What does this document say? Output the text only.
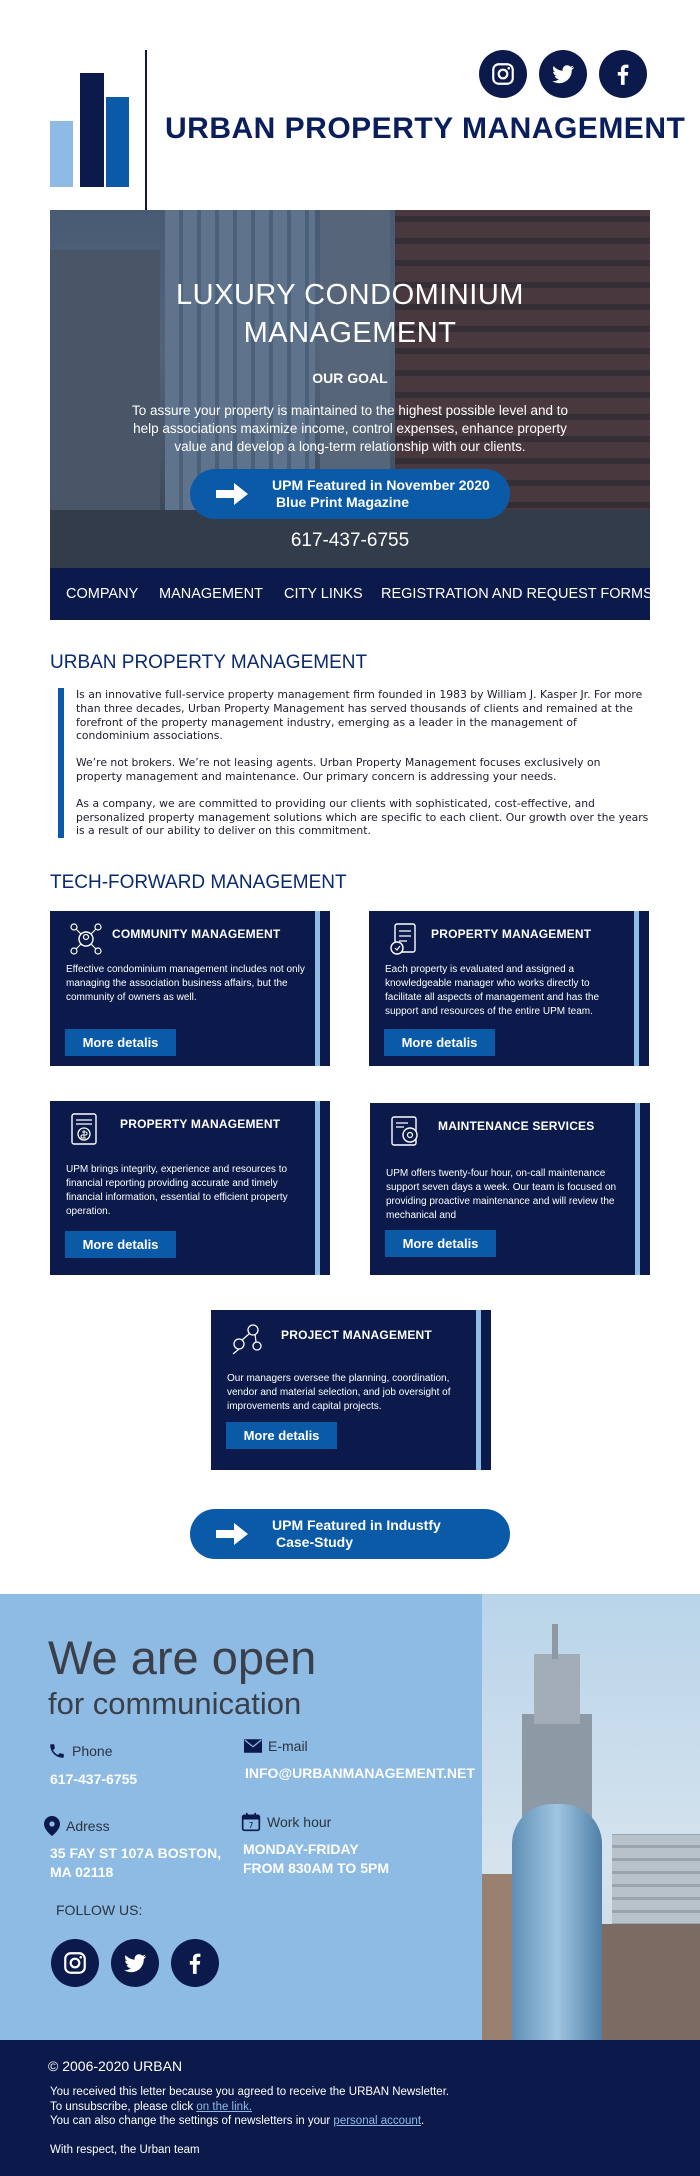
URBAN PROPERTY MANAGEMENT
LUXURY CONDOMINIUM
MANAGEMENT
OUR GOAL
To assure your property is maintained to the highest possible level and to help associations maximize income, control expenses, enhance property value and develop a long-term relationship with our clients.
UPM Featured in November 2020
Blue Print Magazine
617-437-6755
COMPANY MANAGEMENT CITY LINKS REGISTRATION AND REQUEST FORMS
URBAN PROPERTY MANAGEMENT

Is an innovative full-service property management firm founded in 1983 by William J. Kasper Jr. For more than three decades, Urban Property Management has served thousands of clients and remained at the forefront of the property management industry, emerging as a leader in the management of condominium associations.

We’re not brokers. We’re not leasing agents. Urban Property Management focuses exclusively on property management and maintenance. Our primary concern is addressing your needs.

As a company, we are committed to providing our clients with sophisticated, cost-effective, and personalized property management solutions which are specific to each client. Our growth over the years is a result of our ability to deliver on this commitment.

TECH-FORWARD MANAGEMENT
COMMUNITY MANAGEMENT
Effective condominium management includes not only managing the association business affairs, but the community of owners as well.
More detalis
PROPERTY MANAGEMENT
Each property is evaluated and assigned a knowledgeable manager who works directly to facilitate all aspects of management and has the support and resources of the entire UPM team.
More detalis
PROPERTY MANAGEMENT
UPM brings integrity, experience and resources to financial reporting providing accurate and timely financial information, essential to efficient property operation.
More detalis
MAINTENANCE SERVICES
UPM offers twenty-four hour, on-call maintenance support seven days a week. Our team is focused on providing proactive maintenance and will review the mechanical and
More detalis
PROJECT MANAGEMENT
Our managers oversee the planning, coordination, vendor and material selection, and job oversight of improvements and capital projects.
More detalis
UPM Featured in Industfy
Case-Study
We are open
for communication
Phone
617-437-6755
E-mail
INFO@URBANMANAGEMENT.NET
Adress
35 FAY ST 107A BOSTON,
MA 02118
7 Work hour
MONDAY-FRIDAY
FROM 830AM TO 5PM
FOLLOW US:
© 2006-2020 URBAN
You received this letter because you agreed to receive the URBAN Newsletter.
To unsubscribe, please click on the link.
You can also change the settings of newsletters in your personal account.
With respect, the Urban team
